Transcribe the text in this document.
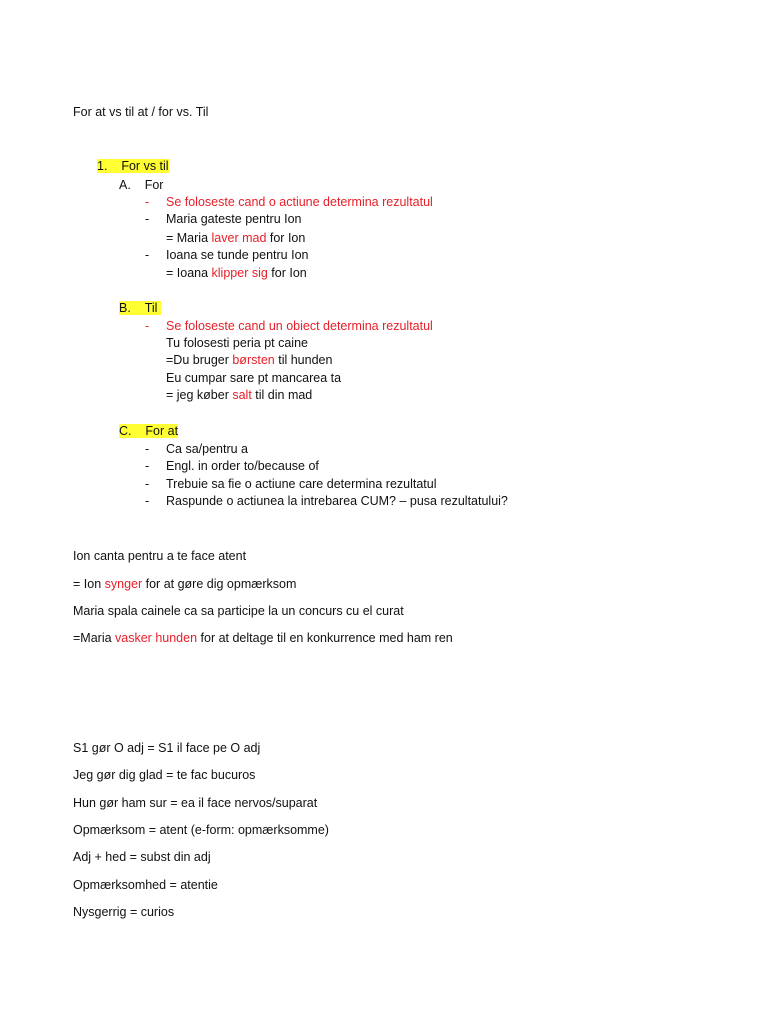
For at vs til at / for vs. Til
1. For vs til
A. For
- Se foloseste cand o actiune determina rezultatul
- Maria gateste pentru Ion
= Maria laver mad for Ion
- Ioana se tunde pentru Ion
= Ioana klipper sig for Ion
B. Til
- Se foloseste cand un obiect determina rezultatul
Tu folosesti peria pt caine
=Du bruger børsten til hunden
Eu cumpar sare pt mancarea ta
= jeg køber salt til din mad
C. For at
- Ca sa/pentru a
- Engl. in order to/because of
- Trebuie sa fie o actiune care determina rezultatul
- Raspunde o actiunea la intrebarea CUM? – pusa rezultatului?
Ion canta pentru a te face atent
= Ion synger for at gøre dig opmærksom
Maria spala cainele ca sa participe la un concurs cu el curat
=Maria vasker hunden for at deltage til en konkurrence med ham ren
S1 gør O adj = S1 il face pe O adj
Jeg gør dig glad = te fac bucuros
Hun gør ham sur = ea il face nervos/suparat
Opmærksom = atent (e-form: opmærksomme)
Adj + hed = subst din adj
Opmærksomhed = atentie
Nysgerrig = curios
